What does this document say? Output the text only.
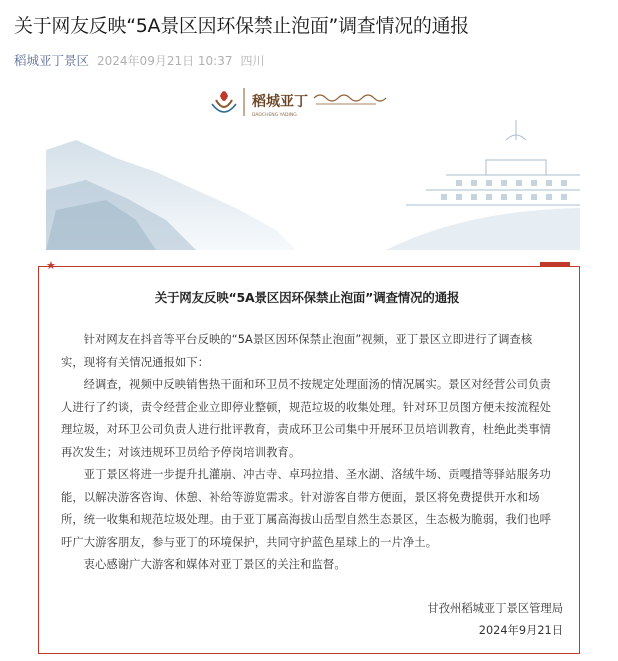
关于网友反映“5A景区因环保禁止泡面”调查情况的通报
稻城亚丁景区 2024年09月21日 10:37 四川
稻城亚丁
DAOCHENG YADING
★
关于网友反映“5A景区因环保禁止泡面”调查情况的通报

针对网友在抖音等平台反映的“5A景区因环保禁止泡面”视频，亚丁景区立即进行了调查核实，现将有关情况通报如下：

经调查，视频中反映销售热干面和环卫员不按规定处理面汤的情况属实。景区对经营公司负责人进行了约谈，责令经营企业立即停业整顿，规范垃圾的收集处理。针对环卫员图方便未按流程处理垃圾，对环卫公司负责人进行批评教育，责成环卫公司集中开展环卫员培训教育，杜绝此类事情再次发生；对该违规环卫员给予停岗培训教育。

亚丁景区将进一步提升扎灌崩、冲古寺、卓玛拉措、圣水湖、洛绒牛场、贡嘎措等驿站服务功能，以解决游客咨询、休憩、补给等游览需求。针对游客自带方便面，景区将免费提供开水和场所，统一收集和规范垃圾处理。由于亚丁属高海拔山岳型自然生态景区，生态极为脆弱，我们也呼吁广大游客朋友，参与亚丁的环境保护，共同守护蓝色星球上的一片净土。

衷心感谢广大游客和媒体对亚丁景区的关注和监督。

甘孜州稻城亚丁景区管理局
2024年9月21日
